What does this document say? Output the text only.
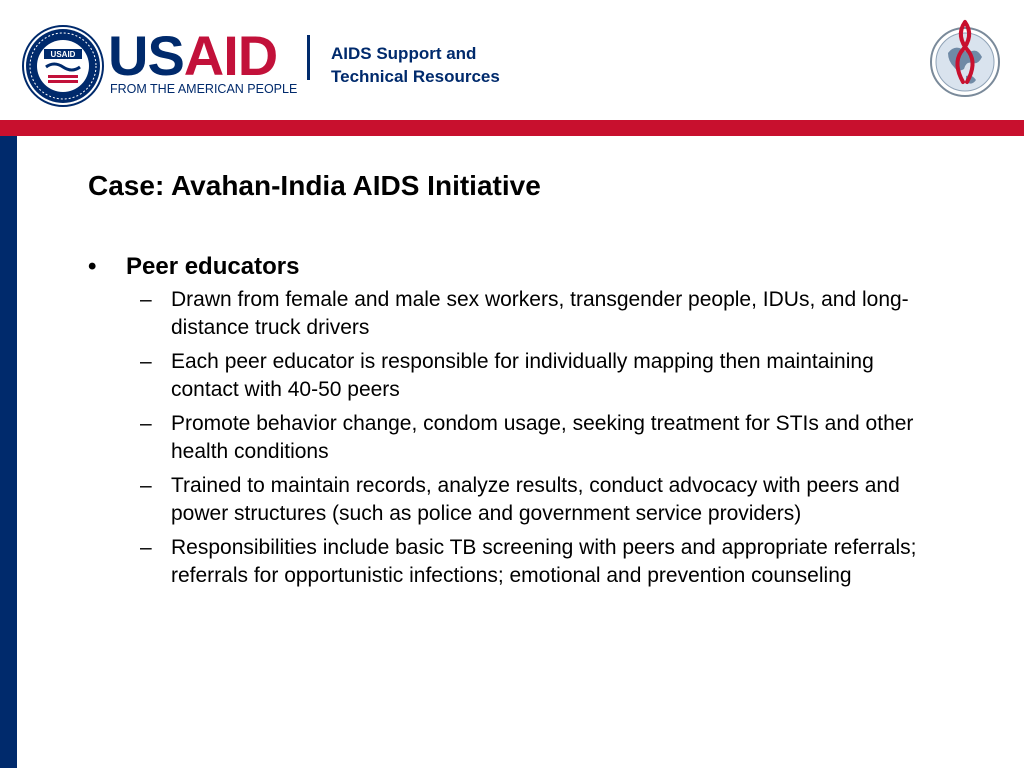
USAID USAID
FROM THE AMERICAN PEOPLE
AIDS Support and
Technical Resources
Case: Avahan-India AIDS Initiative
• Peer educators
– Drawn from female and male sex workers, transgender people, IDUs, and long-distance truck drivers
– Each peer educator is responsible for individually mapping then maintaining contact with 40-50 peers
– Promote behavior change, condom usage, seeking treatment for STIs and other health conditions
– Trained to maintain records, analyze results, conduct advocacy with peers and power structures (such as police and government service providers)
– Responsibilities include basic TB screening with peers and appropriate referrals; referrals for opportunistic infections; emotional and prevention counseling
